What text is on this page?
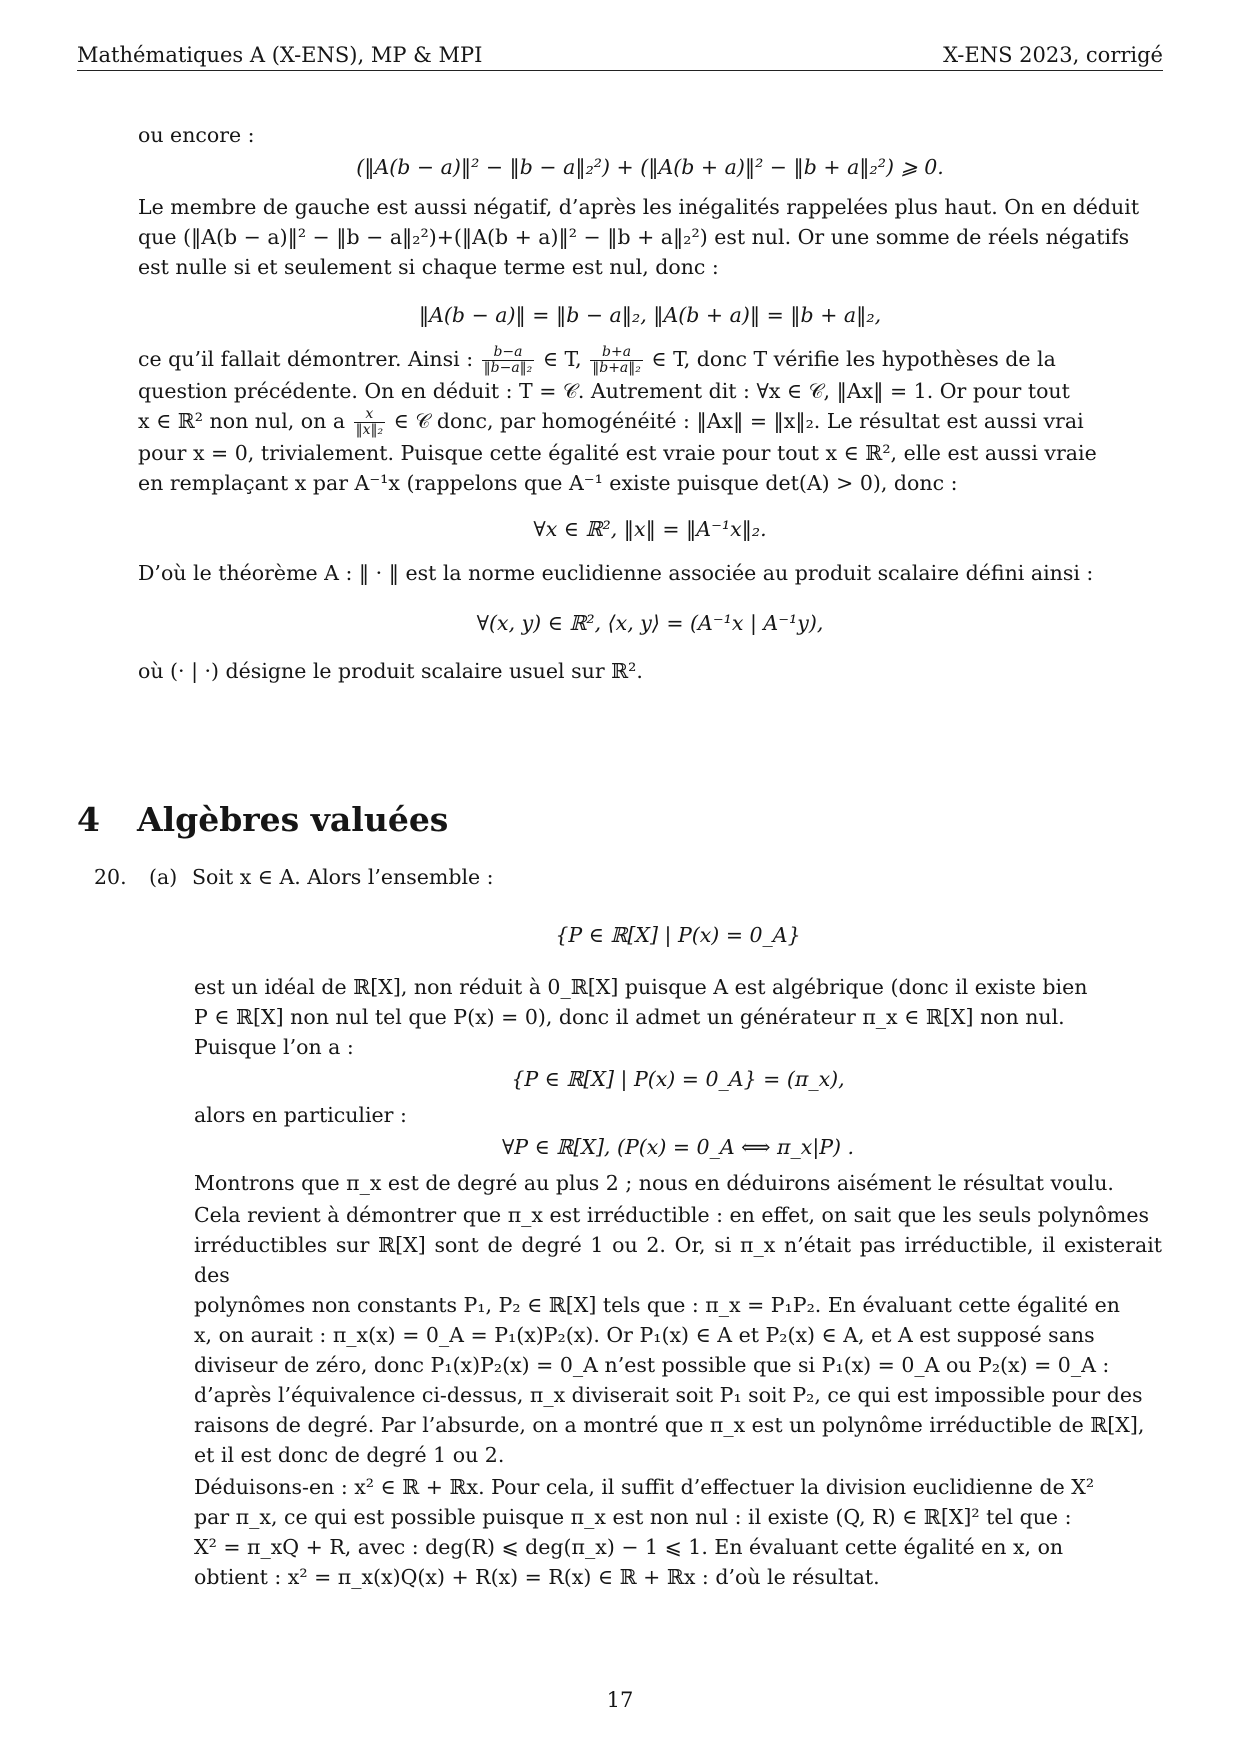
Mathématiques A (X-ENS), MP & MPI	X-ENS 2023, corrigé
ou encore :
(‖A(b − a)‖² − ‖b − a‖₂²) + (‖A(b + a)‖² − ‖b + a‖₂²) ⩾ 0.
Le membre de gauche est aussi négatif, d’après les inégalités rappelées plus haut. On en déduit
que (‖A(b − a)‖² − ‖b − a‖₂²)+(‖A(b + a)‖² − ‖b + a‖₂²) est nul. Or une somme de réels négatifs
est nulle si et seulement si chaque terme est nul, donc :
‖A(b − a)‖ = ‖b − a‖₂, ‖A(b + a)‖ = ‖b + a‖₂,
ce qu’il fallait démontrer. Ainsi : $\frac{b-a}{\text{‖b−a‖₂}}$ ∈ T, $\frac{b+a}{\text{‖b+a‖₂}}$ ∈ T, donc T vérifie les hypothèses de la
question précédente. On en déduit : T = 𝒞. Autrement dit : ∀x ∈ 𝒞, ‖Ax‖ = 1. Or pour tout
x ∈ ℝ² non nul, on a $\frac{x}{\text{‖x‖₂}}$ ∈ 𝒞 donc, par homogénéité : ‖Ax‖ = ‖x‖₂. Le résultat est aussi vrai
pour x = 0, trivialement. Puisque cette égalité est vraie pour tout x ∈ ℝ², elle est aussi vraie
en remplaçant x par A⁻¹x (rappelons que A⁻¹ existe puisque det(A) > 0), donc :
∀x ∈ ℝ², ‖x‖ = ‖A⁻¹x‖₂.
D’où le théorème A : ‖ · ‖ est la norme euclidienne associée au produit scalaire défini ainsi :
∀(x, y) ∈ ℝ², ⟨x, y⟩ = (A⁻¹x | A⁻¹y),
où (· | ·) désigne le produit scalaire usuel sur ℝ².
4 Algèbres valuées
20. (a) Soit x ∈ A. Alors l’ensemble :
{P ∈ ℝ[X] | P(x) = 0_A}
est un idéal de ℝ[X], non réduit à 0_ℝ[X] puisque A est algébrique (donc il existe bien
P ∈ ℝ[X] non nul tel que P(x) = 0), donc il admet un générateur π_x ∈ ℝ[X] non nul.
Puisque l’on a :
{P ∈ ℝ[X] | P(x) = 0_A} = (π_x),
alors en particulier :
∀P ∈ ℝ[X], (P(x) = 0_A ⟺ π_x|P) .
Montrons que π_x est de degré au plus 2 ; nous en déduirons aisément le résultat voulu.
Cela revient à démontrer que π_x est irréductible : en effet, on sait que les seuls polynômes
irréductibles sur ℝ[X] sont de degré 1 ou 2. Or, si π_x n’était pas irréductible, il existerait des
polynômes non constants P₁, P₂ ∈ ℝ[X] tels que : π_x = P₁P₂. En évaluant cette égalité en
x, on aurait : π_x(x) = 0_A = P₁(x)P₂(x). Or P₁(x) ∈ A et P₂(x) ∈ A, et A est supposé sans
diviseur de zéro, donc P₁(x)P₂(x) = 0_A n’est possible que si P₁(x) = 0_A ou P₂(x) = 0_A :
d’après l’équivalence ci-dessus, π_x diviserait soit P₁ soit P₂, ce qui est impossible pour des
raisons de degré. Par l’absurde, on a montré que π_x est un polynôme irréductible de ℝ[X],
et il est donc de degré 1 ou 2.
Déduisons-en : x² ∈ ℝ + ℝx. Pour cela, il suffit d’effectuer la division euclidienne de X²
par π_x, ce qui est possible puisque π_x est non nul : il existe (Q, R) ∈ ℝ[X]² tel que :
X² = π_xQ + R, avec : deg(R) ⩽ deg(π_x) − 1 ⩽ 1. En évaluant cette égalité en x, on
obtient : x² = π_x(x)Q(x) + R(x) = R(x) ∈ ℝ + ℝx : d’où le résultat.
17
